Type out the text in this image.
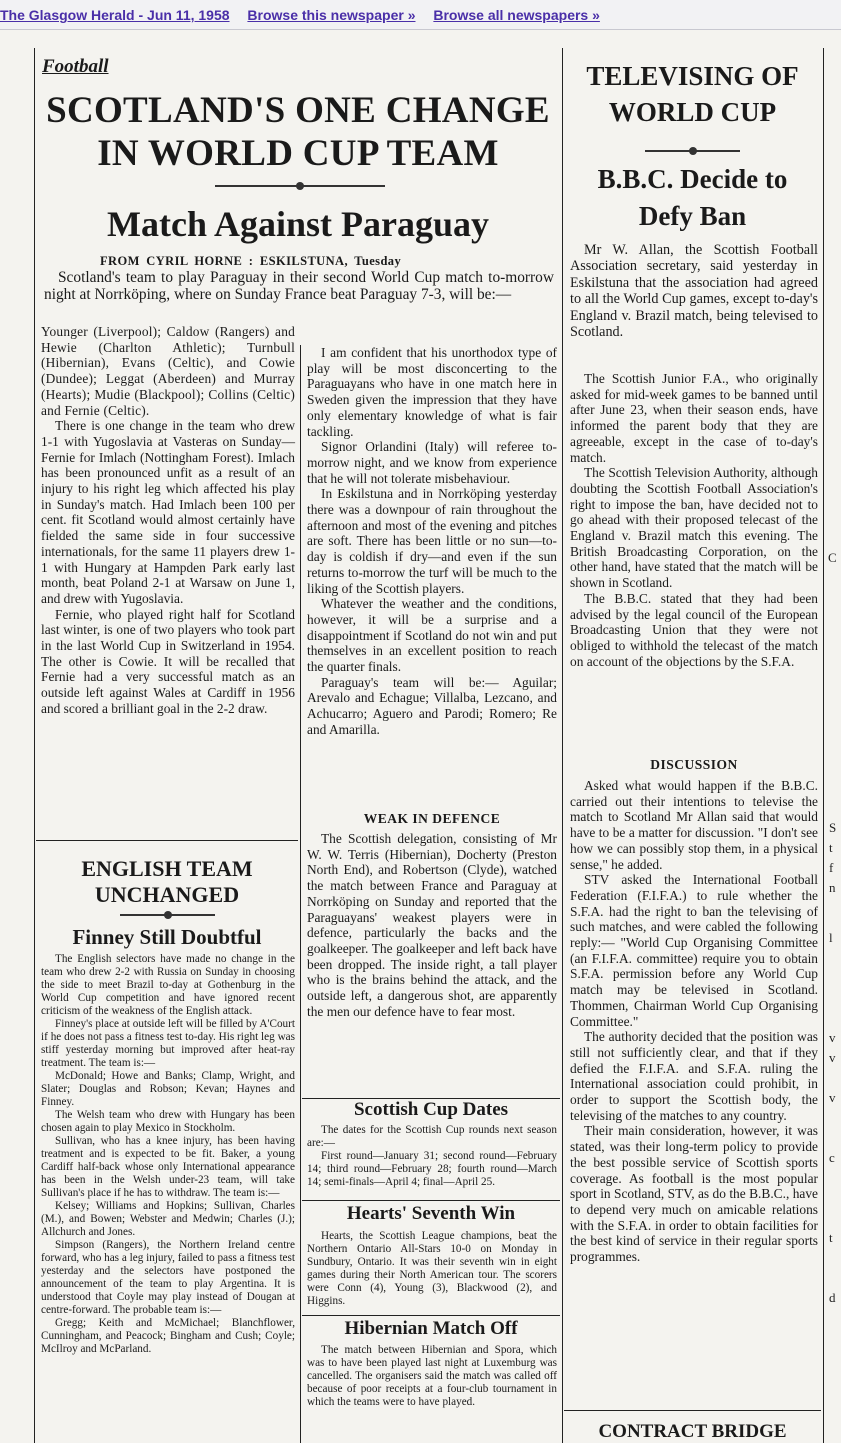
The Glasgow Herald - Jun 11, 1958 Browse this newspaper » Browse all newspapers »
Football
SCOTLAND'S ONE CHANGE
IN WORLD CUP TEAM
Match Against Paraguay
FROM CYRIL HORNE : ESKILSTUNA, Tuesday

Scotland's team to play Paraguay in their second World Cup match to-morrow night at Norrköping, where on Sunday France beat Paraguay 7-3, will be:—

Younger (Liverpool); Caldow (Rangers) and Hewie (Charlton Athletic); Turnbull (Hibernian), Evans (Celtic), and Cowie (Dundee); Leggat (Aberdeen) and Murray (Hearts); Mudie (Blackpool); Collins (Celtic) and Fernie (Celtic).

There is one change in the team who drew 1-1 with Yugoslavia at Vasteras on Sunday—Fernie for Imlach (Nottingham Forest). Imlach has been pronounced unfit as a result of an injury to his right leg which affected his play in Sunday's match. Had Imlach been 100 per cent. fit Scotland would almost certainly have fielded the same side in four successive internationals, for the same 11 players drew 1-1 with Hungary at Hampden Park early last month, beat Poland 2-1 at Warsaw on June 1, and drew with Yugoslavia.

Fernie, who played right half for Scotland last winter, is one of two players who took part in the last World Cup in Switzerland in 1954. The other is Cowie. It will be recalled that Fernie had a very successful match as an outside left against Wales at Cardiff in 1956 and scored a brilliant goal in the 2-2 draw.

I am confident that his unorthodox type of play will be most disconcerting to the Paraguayans who have in one match here in Sweden given the impression that they have only elementary knowledge of what is fair tackling.

Signor Orlandini (Italy) will referee to-morrow night, and we know from experience that he will not tolerate misbehaviour.

In Eskilstuna and in Norrköping yesterday there was a downpour of rain throughout the afternoon and most of the evening and pitches are soft. There has been little or no sun—to-day is coldish if dry—and even if the sun returns to-morrow the turf will be much to the liking of the Scottish players.

Whatever the weather and the conditions, however, it will be a surprise and a disappointment if Scotland do not win and put themselves in an excellent position to reach the quarter finals.

Paraguay's team will be:— Aguilar; Arevalo and Echague; Villalba, Lezcano, and Achucarro; Aguero and Parodi; Romero; Re and Amarilla.

WEAK IN DEFENCE

The Scottish delegation, consisting of Mr W. W. Terris (Hibernian), Docherty (Preston North End), and Robertson (Clyde), watched the match between France and Paraguay at Norrköping on Sunday and reported that the Paraguayans' weakest players were in defence, particularly the backs and the goalkeeper. The goalkeeper and left back have been dropped. The inside right, a tall player who is the brains behind the attack, and the outside left, a dangerous shot, are apparently the men our defence have to fear most.

Scottish Cup Dates

The dates for the Scottish Cup rounds next season are:—

First round—January 31; second round—February 14; third round—February 28; fourth round—March 14; semi-finals—April 4; final—April 25.

Hearts' Seventh Win

Hearts, the Scottish League champions, beat the Northern Ontario All-Stars 10-0 on Monday in Sundbury, Ontario. It was their seventh win in eight games during their North American tour. The scorers were Conn (4), Young (3), Blackwood (2), and Higgins.

Hibernian Match Off

The match between Hibernian and Spora, which was to have been played last night at Luxemburg was cancelled. The organisers said the match was called off because of poor receipts at a four-club tournament in which the teams were to have played.

ENGLISH TEAM
UNCHANGED
Finney Still Doubtful

The English selectors have made no change in the team who drew 2-2 with Russia on Sunday in choosing the side to meet Brazil to-day at Gothenburg in the World Cup competition and have ignored recent criticism of the weakness of the English attack.

Finney's place at outside left will be filled by A'Court if he does not pass a fitness test to-day. His right leg was stiff yesterday morning but improved after heat-ray treatment. The team is:—

McDonald; Howe and Banks; Clamp, Wright, and Slater; Douglas and Robson; Kevan; Haynes and Finney.

The Welsh team who drew with Hungary has been chosen again to play Mexico in Stockholm.

Sullivan, who has a knee injury, has been having treatment and is expected to be fit. Baker, a young Cardiff half-back whose only International appearance has been in the Welsh under-23 team, will take Sullivan's place if he has to withdraw. The team is:—

Kelsey; Williams and Hopkins; Sullivan, Charles (M.), and Bowen; Webster and Medwin; Charles (J.); Allchurch and Jones.

Simpson (Rangers), the Northern Ireland centre forward, who has a leg injury, failed to pass a fitness test yesterday and the selectors have postponed the announcement of the team to play Argentina. It is understood that Coyle may play instead of Dougan at centre-forward. The probable team is:—

Gregg; Keith and McMichael; Blanchflower, Cunningham, and Peacock; Bingham and Cush; Coyle; McIlroy and McParland.

TELEVISING OF
WORLD CUP
B.B.C. Decide to
Defy Ban

Mr W. Allan, the Scottish Football Association secretary, said yesterday in Eskilstuna that the association had agreed to all the World Cup games, except to-day's England v. Brazil match, being televised to Scotland.

The Scottish Junior F.A., who originally asked for mid-week games to be banned until after June 23, when their season ends, have informed the parent body that they are agreeable, except in the case of to-day's match.

The Scottish Television Authority, although doubting the Scottish Football Association's right to impose the ban, have decided not to go ahead with their proposed telecast of the England v. Brazil match this evening. The British Broadcasting Corporation, on the other hand, have stated that the match will be shown in Scotland.

The B.B.C. stated that they had been advised by the legal council of the European Broadcasting Union that they were not obliged to withhold the telecast of the match on account of the objections by the S.F.A.

DISCUSSION

Asked what would happen if the B.B.C. carried out their intentions to televise the match to Scotland Mr Allan said that would have to be a matter for discussion. "I don't see how we can possibly stop them, in a physical sense," he added.

STV asked the International Football Federation (F.I.F.A.) to rule whether the S.F.A. had the right to ban the televising of such matches, and were cabled the following reply:— "World Cup Organising Committee (an F.I.F.A. committee) require you to obtain S.F.A. permission before any World Cup match may be televised in Scotland. Thommen, Chairman World Cup Organising Committee."

The authority decided that the position was still not sufficiently clear, and that if they defied the F.I.F.A. and S.F.A. ruling the International association could prohibit, in order to support the Scottish body, the televising of the matches to any country.

Their main consideration, however, it was stated, was their long-term policy to provide the best possible service of Scottish sports coverage. As football is the most popular sport in Scotland, STV, as do the B.B.C., have to depend very much on amicable relations with the S.F.A. in order to obtain facilities for the best kind of service in their regular sports programmes.

CONTRACT BRIDGE
C
S
t
f
n
l
v
v
v
c
t
d
